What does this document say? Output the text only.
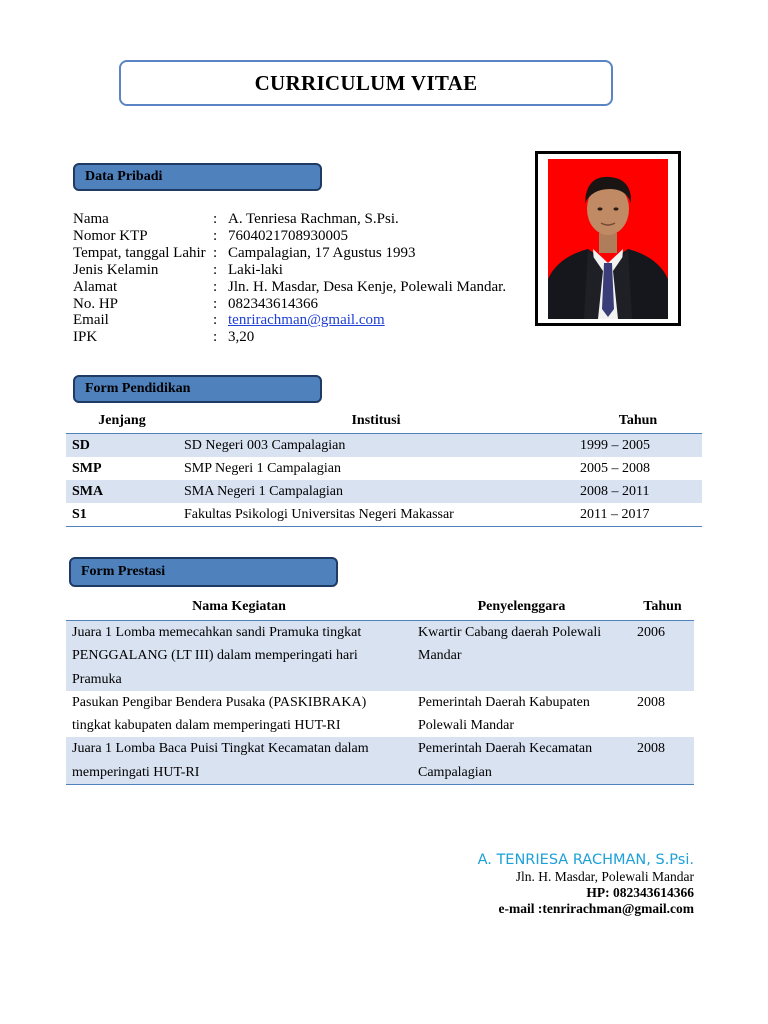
CURRICULUM VITAE
Data Pribadi
Nama	: A. Tenriesa Rachman, S.Psi.
Nomor KTP	: 7604021708930005
Tempat, tanggal Lahir : Campalagian, 17 Agustus 1993
Jenis Kelamin	: Laki-laki
Alamat	: Jln. H. Masdar, Desa Kenje, Polewali Mandar.
No. HP	: 082343614366
Email	: tenrirachman@gmail.com
IPK	: 3,20
Form Pendidikan
Jenjang	Institusi	Tahun
SD	SD Negeri 003 Campalagian	1999 – 2005
SMP	SMP Negeri 1 Campalagian	2005 – 2008
SMA	SMA Negeri 1 Campalagian	2008 – 2011
S1	Fakultas Psikologi Universitas Negeri Makassar	2011 – 2017
Form Prestasi
Nama Kegiatan	Penyelenggara	Tahun
Juara 1 Lomba memecahkan sandi Pramuka tingkat PENGGALANG (LT III) dalam memperingati hari Pramuka	Kwartir Cabang daerah Polewali Mandar	2006
Pasukan Pengibar Bendera Pusaka (PASKIBRAKA) tingkat kabupaten dalam memperingati HUT-RI	Pemerintah Daerah Kabupaten Polewali Mandar	2008
Juara 1 Lomba Baca Puisi Tingkat Kecamatan dalam memperingati HUT-RI	Pemerintah Daerah Kecamatan Campalagian	2008
A. TENRIESA RACHMAN, S.Psi.
Jln. H. Masdar, Polewali Mandar
HP: 082343614366
e-mail :tenrirachman@gmail.com
